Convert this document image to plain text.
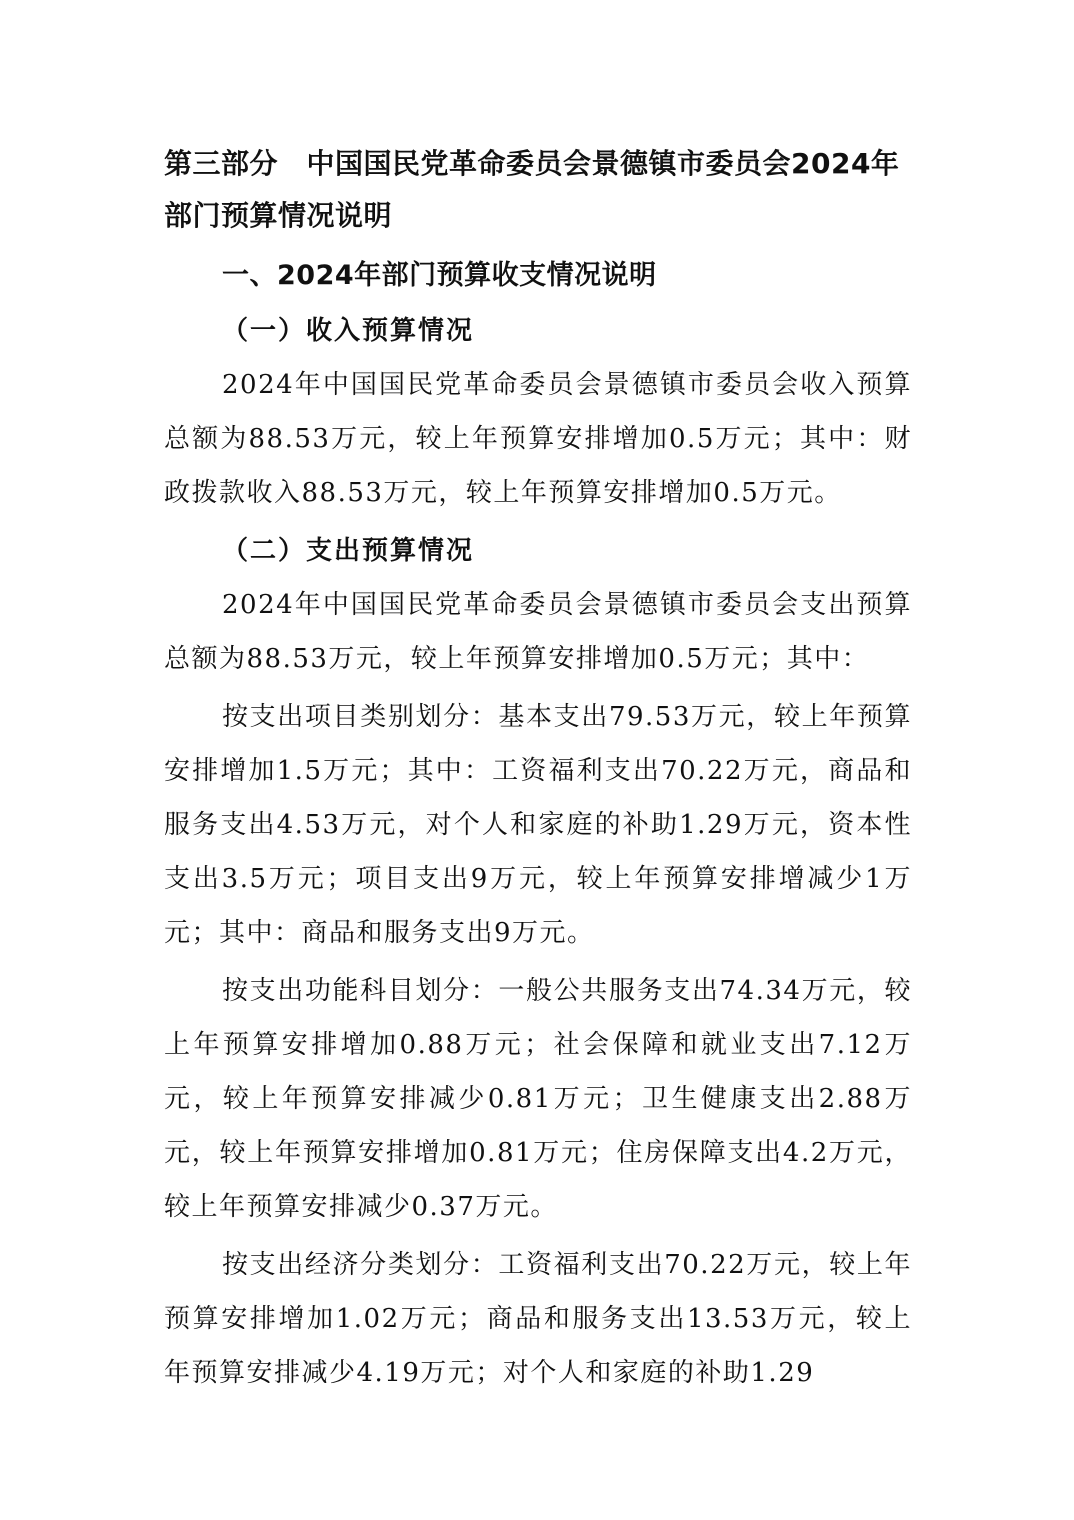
第三部分　中国国民党革命委员会景德镇市委员会2024年部门预算情况说明
一、2024年部门预算收支情况说明
（一）收入预算情况

2024年中国国民党革命委员会景德镇市委员会收入预算总额为88.53万元，较上年预算安排增加0.5万元；其中：财政拨款收入88.53万元，较上年预算安排增加0.5万元。

（二）支出预算情况

2024年中国国民党革命委员会景德镇市委员会支出预算总额为88.53万元，较上年预算安排增加0.5万元；其中：

按支出项目类别划分：基本支出79.53万元，较上年预算安排增加1.5万元；其中：工资福利支出70.22万元，商品和服务支出4.53万元，对个人和家庭的补助1.29万元，资本性支出3.5万元；项目支出9万元，较上年预算安排增减少1万元；其中：商品和服务支出9万元。

按支出功能科目划分：一般公共服务支出74.34万元，较上年预算安排增加0.88万元；社会保障和就业支出7.12万元，较上年预算安排减少0.81万元；卫生健康支出2.88万元，较上年预算安排增加0.81万元；住房保障支出4.2万元，较上年预算安排减少0.37万元。

按支出经济分类划分：工资福利支出70.22万元，较上年预算安排增加1.02万元；商品和服务支出13.53万元，较上年预算安排减少4.19万元；对个人和家庭的补助1.29
